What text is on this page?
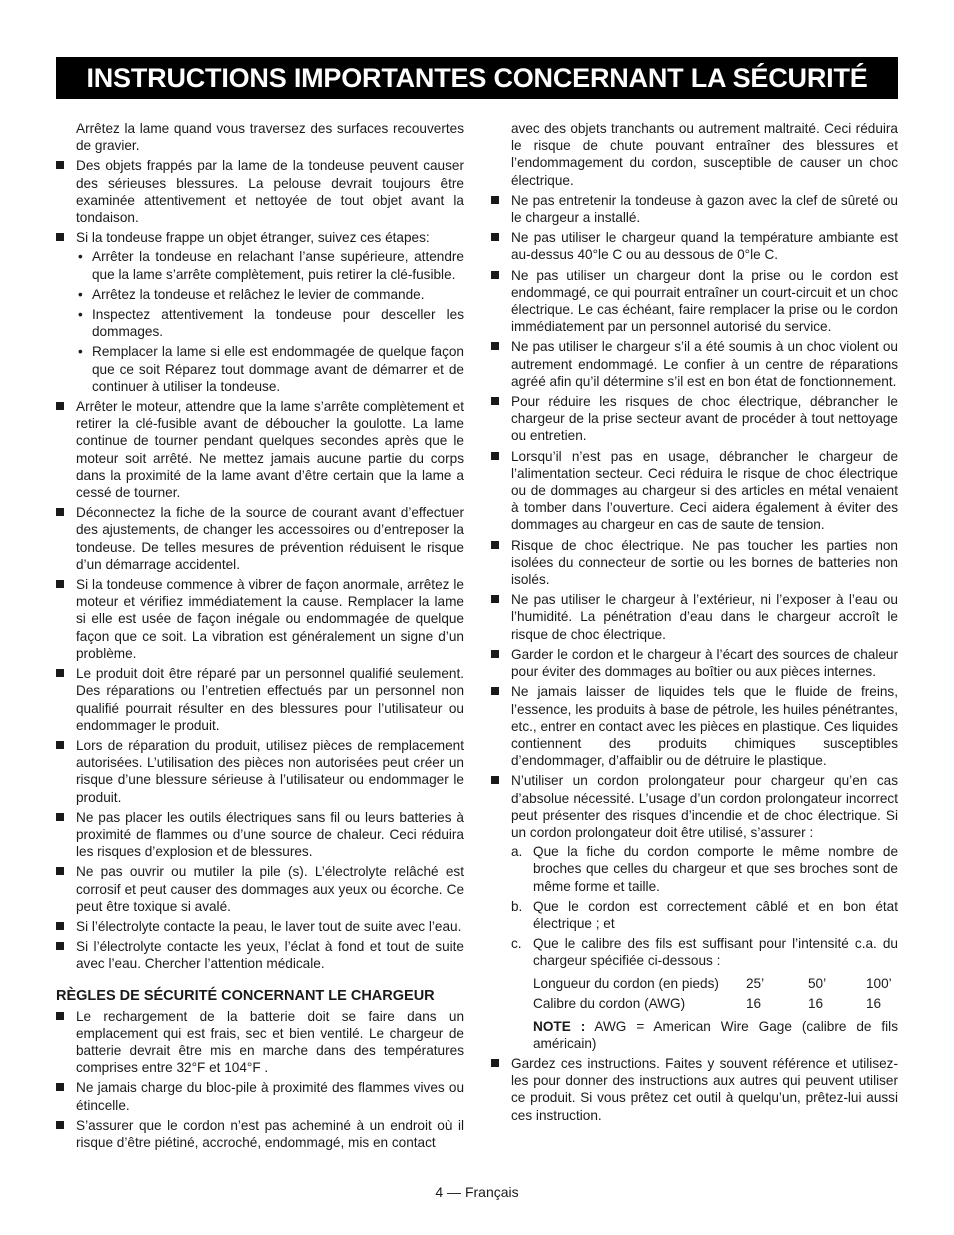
INSTRUCTIONS IMPORTANTES CONCERNANT LA SÉCURITÉ
Arrêtez la lame quand vous traversez des surfaces recouvertes de gravier.
Des objets frappés par la lame de la tondeuse peuvent causer des sérieuses blessures. La pelouse devrait toujours être examinée attentivement et nettoyée de tout objet avant la tondaison.
Si la tondeuse frappe un objet étranger, suivez ces étapes:
• Arrêter la tondeuse en relachant l’anse supérieure, attendre que la lame s’arrête complètement, puis retirer la clé-fusible.
• Arrêtez la tondeuse et relâchez le levier de commande.
• Inspectez attentivement la tondeuse pour desceller les dommages.
• Remplacer la lame si elle est endommagée de quelque façon que ce soit Réparez tout dommage avant de démarrer et de continuer à utiliser la tondeuse.
Arrêter le moteur, attendre que la lame s’arrête complètement et retirer la clé-fusible avant de déboucher la goulotte. La lame continue de tourner pendant quelques secondes après que le moteur soit arrêté. Ne mettez jamais aucune partie du corps dans la proximité de la lame avant d’être certain que la lame a cessé de tourner.
Déconnectez la fiche de la source de courant avant d’effectuer des ajustements, de changer les accessoires ou d’entreposer la tondeuse. De telles mesures de prévention réduisent le risque d’un démarrage accidentel.
Si la tondeuse commence à vibrer de façon anormale, arrêtez le moteur et vérifiez immédiatement la cause. Remplacer la lame si elle est usée de façon inégale ou endommagée de quelque façon que ce soit. La vibration est généralement un signe d’un problème.
Le produit doit être réparé par un personnel qualifié seulement. Des réparations ou l’entretien effectués par un personnel non qualifié pourrait résulter en des blessures pour l’utilisateur ou endommager le produit.
Lors de réparation du produit, utilisez pièces de remplacement autorisées. L’utilisation des pièces non autorisées peut créer un risque d’une blessure sérieuse à l’utilisateur ou endommager le produit.
Ne pas placer les outils électriques sans fil ou leurs batteries à proximité de flammes ou d’une source de chaleur. Ceci réduira les risques d’explosion et de blessures.
Ne pas ouvrir ou mutiler la pile (s). L’électrolyte relâché est corrosif et peut causer des dommages aux yeux ou écorche. Ce peut être toxique si avalé.
Si l’électrolyte contacte la peau, le laver tout de suite avec l’eau.
Si l’électrolyte contacte les yeux, l’éclat à fond et tout de suite avec l’eau. Chercher l’attention médicale.
RÈGLES DE SÉCURITÉ CONCERNANT LE CHARGEUR
Le rechargement de la batterie doit se faire dans un emplacement qui est frais, sec et bien ventilé. Le chargeur de batterie devrait être mis en marche dans des températures comprises entre 32°F et 104°F .
Ne jamais charge du bloc-pile à proximité des flammes vives ou étincelle.
S’assurer que le cordon n’est pas acheminé à un endroit où il risque d’être piétiné, accroché, endommagé, mis en contact
avec des objets tranchants ou autrement maltraité. Ceci réduira le risque de chute pouvant entraîner des blessures et l’endommagement du cordon, susceptible de causer un choc électrique.
Ne pas entretenir la tondeuse à gazon avec la clef de sûreté ou le chargeur a installé.
Ne pas utiliser le chargeur quand la température ambiante est au-dessus 40°le C ou au dessous de 0°le C.
Ne pas utiliser un chargeur dont la prise ou le cordon est endommagé, ce qui pourrait entraîner un court-circuit et un choc électrique. Le cas échéant, faire remplacer la prise ou le cordon immédiatement par un personnel autorisé du service.
Ne pas utiliser le chargeur s’il a été soumis à un choc violent ou autrement endommagé. Le confier à un centre de réparations agréé afin qu’il détermine s’il est en bon état de fonctionnement.
Pour réduire les risques de choc électrique, débrancher le chargeur de la prise secteur avant de procéder à tout nettoyage ou entretien.
Lorsqu’il n’est pas en usage, débrancher le chargeur de l’alimentation secteur. Ceci réduira le risque de choc électrique ou de dommages au chargeur si des articles en métal venaient à tomber dans l’ouverture. Ceci aidera également à éviter des dommages au chargeur en cas de saute de tension.
Risque de choc électrique. Ne pas toucher les parties non isolées du connecteur de sortie ou les bornes de batteries non isolés.
Ne pas utiliser le chargeur à l’extérieur, ni l’exposer à l’eau ou l’humidité. La pénétration d’eau dans le chargeur accroît le risque de choc électrique.
Garder le cordon et le chargeur à l’écart des sources de chaleur pour éviter des dommages au boîtier ou aux pièces internes.
Ne jamais laisser de liquides tels que le fluide de freins, l’essence, les produits à base de pétrole, les huiles pénétrantes, etc., entrer en contact avec les pièces en plastique. Ces liquides contiennent des produits chimiques susceptibles d’endommager, d’affaiblir ou de détruire le plastique.
N’utiliser un cordon prolongateur pour chargeur qu’en cas d’absolue nécessité. L’usage d’un cordon prolongateur incorrect peut présenter des risques d’incendie et de choc électrique. Si un cordon prolongateur doit être utilisé, s’assurer :
a. Que la fiche du cordon comporte le même nombre de broches que celles du chargeur et que ses broches sont de même forme et taille.
b. Que le cordon est correctement câblé et en bon état électrique ; et
c. Que le calibre des fils est suffisant pour l’intensité c.a. du chargeur spécifiée ci-dessous :
Longueur du cordon (en pieds)	25’	50’	100’
Calibre du cordon (AWG)	16	16	16
NOTE : AWG = American Wire Gage (calibre de fils américain)
Gardez ces instructions. Faites y souvent référence et utilisez-les pour donner des instructions aux autres qui peuvent utiliser ce produit. Si vous prêtez cet outil à quelqu’un, prêtez-lui aussi ces instruction.
4 — Français
